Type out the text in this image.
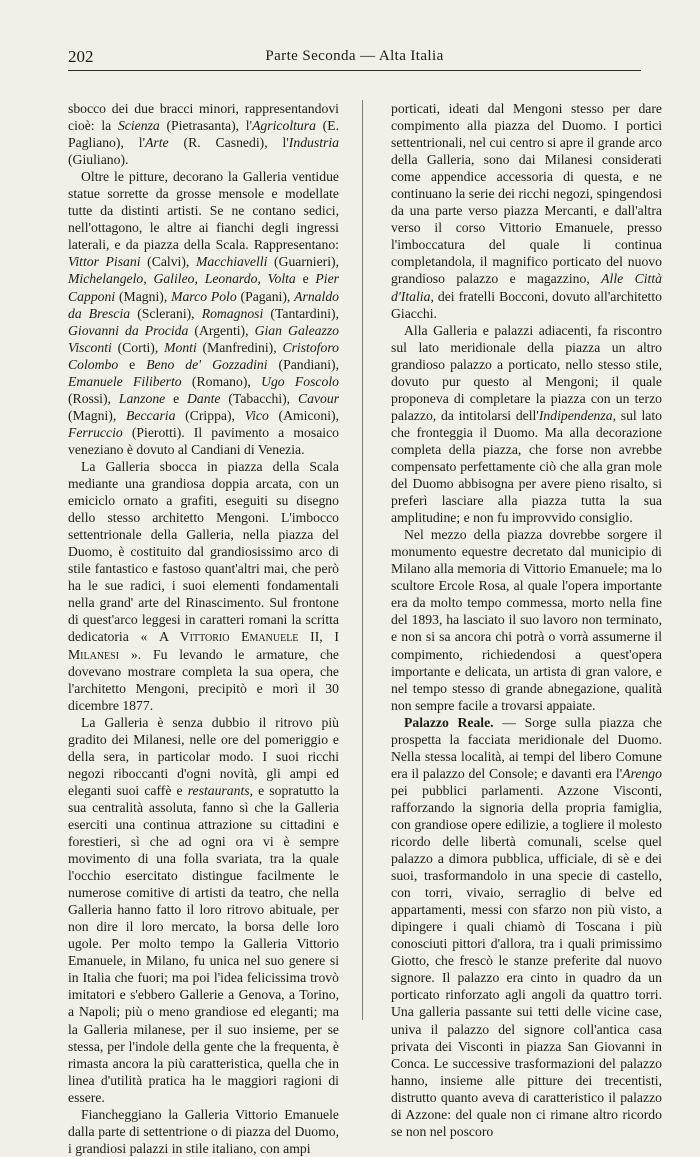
202	Parte Seconda — Alta Italia

sbocco dei due bracci minori, rappresentandovi cioè: la Scienza (Pietrasanta), l'Agricoltura (E. Pagliano), l'Arte (R. Casnedi), l'Industria (Giuliano).

Oltre le pitture, decorano la Galleria ventidue statue sorrette da grosse mensole e modellate tutte da distinti artisti. Se ne contano sedici, nell'ottagono, le altre ai fianchi degli ingressi laterali, e da piazza della Scala. Rappresentano: Vittor Pisani (Calvi), Macchiavelli (Guarnieri), Michelangelo, Galileo, Leonardo, Volta e Pier Capponi (Magni), Marco Polo (Pagani), Arnaldo da Brescia (Sclerani), Romagnosi (Tantardini), Giovanni da Procida (Argenti), Gian Galeazzo Visconti (Corti), Monti (Manfredini), Cristoforo Colombo e Beno de' Gozzadini (Pandiani), Emanuele Filiberto (Romano), Ugo Foscolo (Rossi), Lanzone e Dante (Tabacchi), Cavour (Magni), Beccaria (Crippa), Vico (Amiconi), Ferruccio (Pierotti). Il pavimento a mosaico veneziano è dovuto al Candiani di Venezia.

La Galleria sbocca in piazza della Scala mediante una grandiosa doppia arcata, con un emiciclo ornato a grafiti, eseguiti su disegno dello stesso architetto Mengoni. L'imbocco settentrionale della Galleria, nella piazza del Duomo, è costituito dal grandiosissimo arco di stile fantastico e fastoso quant'altri mai, che però ha le sue radici, i suoi elementi fondamentali nella grand' arte del Rinascimento. Sul frontone di quest'arco leggesi in caratteri romani la scritta dedicatoria « A Vittorio Emanuele II, I Milanesi ». Fu levando le armature, che dovevano mostrare completa la sua opera, che l'architetto Mengoni, precipitò e morì il 30 dicembre 1877.

La Galleria è senza dubbio il ritrovo più gradito dei Milanesi, nelle ore del pomeriggio e della sera, in particolar modo. I suoi ricchi negozi riboccanti d'ogni novità, gli ampi ed eleganti suoi caffè e restaurants, e sopratutto la sua centralità assoluta, fanno sì che la Galleria eserciti una continua attrazione su cittadini e forestieri, sì che ad ogni ora vi è sempre movimento di una folla svariata, tra la quale l'occhio esercitato distingue facilmente le numerose comitive di artisti da teatro, che nella Galleria hanno fatto il loro ritrovo abituale, per non dire il loro mercato, la borsa delle loro ugole. Per molto tempo la Galleria Vittorio Emanuele, in Milano, fu unica nel suo genere si in Italia che fuori; ma poi l'idea felicissima trovò imitatori e s'ebbero Gallerie a Genova, a Torino, a Napoli; più o meno grandiose ed eleganti; ma la Galleria milanese, per il suo insieme, per se stessa, per l'indole della gente che la frequenta, è rimasta ancora la più caratteristica, quella che in linea d'utilità pratica ha le maggiori ragioni di essere.

Fiancheggiano la Galleria Vittorio Emanuele dalla parte di settentrione o di piazza del Duomo, i grandiosi palazzi in stile italiano, con ampi

porticati, ideati dal Mengoni stesso per dare compimento alla piazza del Duomo. I portici settentrionali, nel cui centro si apre il grande arco della Galleria, sono dai Milanesi considerati come appendice accessoria di questa, e ne continuano la serie dei ricchi negozi, spingendosi da una parte verso piazza Mercanti, e dall'altra verso il corso Vittorio Emanuele, presso l'imboccatura del quale li continua completandola, il magnifico porticato del nuovo grandioso palazzo e magazzino, Alle Città d'Italia, dei fratelli Bocconi, dovuto all'architetto Giacchi.

Alla Galleria e palazzi adiacenti, fa riscontro sul lato meridionale della piazza un altro grandioso palazzo a porticato, nello stesso stile, dovuto pur questo al Mengoni; il quale proponeva di completare la piazza con un terzo palazzo, da intitolarsi dell'Indipendenza, sul lato che fronteggia il Duomo. Ma alla decorazione completa della piazza, che forse non avrebbe compensato perfettamente ciò che alla gran mole del Duomo abbisogna per avere pieno risalto, si preferì lasciare alla piazza tutta la sua amplitudine; e non fu improvvido consiglio.

Nel mezzo della piazza dovrebbe sorgere il monumento equestre decretato dal municipio di Milano alla memoria di Vittorio Emanuele; ma lo scultore Ercole Rosa, al quale l'opera importante era da molto tempo commessa, morto nella fine del 1893, ha lasciato il suo lavoro non terminato, e non si sa ancora chi potrà o vorrà assumerne il compimento, richiedendosi a quest'opera importante e delicata, un artista di gran valore, e nel tempo stesso di grande abnegazione, qualità non sempre facile a trovarsi appaiate.

Palazzo Reale. — Sorge sulla piazza che prospetta la facciata meridionale del Duomo. Nella stessa località, ai tempi del libero Comune era il palazzo del Console; e davanti era l'Arengo pei pubblici parlamenti. Azzone Visconti, rafforzando la signoria della propria famiglia, con grandiose opere edilizie, a togliere il molesto ricordo delle libertà comunali, scelse quel palazzo a dimora pubblica, ufficiale, di sè e dei suoi, trasformandolo in una specie di castello, con torri, vivaio, serraglio di belve ed appartamenti, messi con sfarzo non più visto, a dipingere i quali chiamò di Toscana i più conosciuti pittori d'allora, tra i quali primissimo Giotto, che frescò le stanze preferite dal nuovo signore. Il palazzo era cinto in quadro da un porticato rinforzato agli angoli da quattro torri. Una galleria passante sui tetti delle vicine case, univa il palazzo del signore coll'antica casa privata dei Visconti in piazza San Giovanni in Conca. Le successive trasformazioni del palazzo hanno, insieme alle pitture dei trecentisti, distrutto quanto aveva di caratteristico il palazzo di Azzone: del quale non ci rimane altro ricordo se non nel poscoro
